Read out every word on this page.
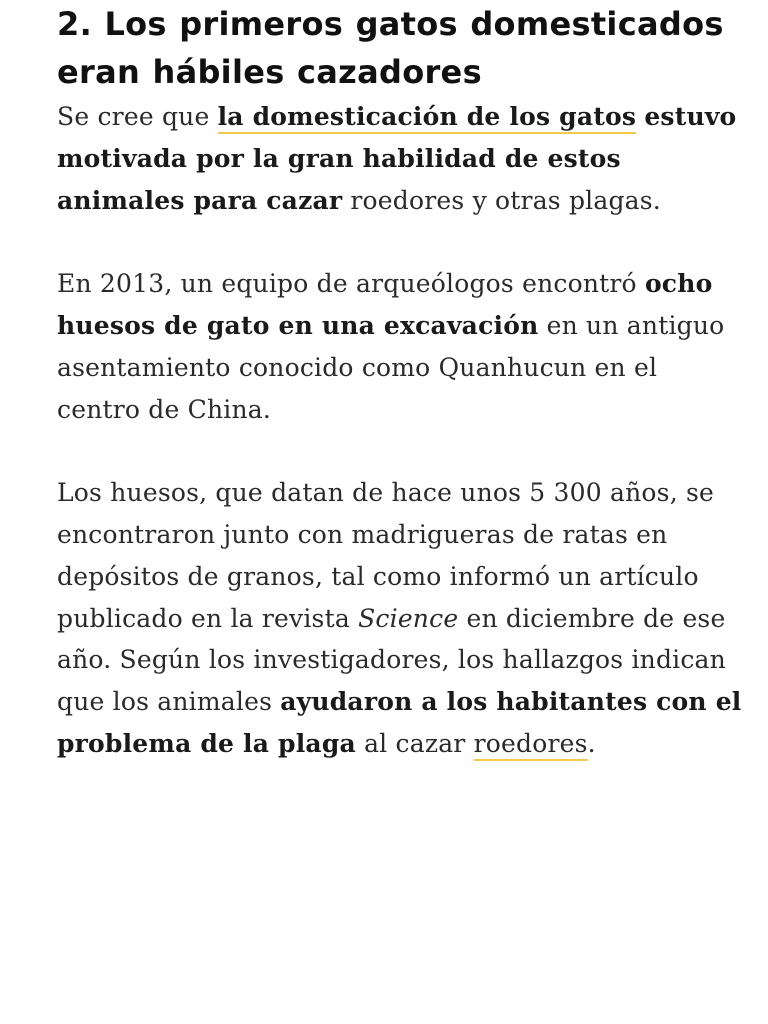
2. Los primeros gatos domesticados eran hábiles cazadores

Se cree que la domesticación de los gatos estuvo motivada por la gran habilidad de estos animales para cazar roedores y otras plagas.

En 2013, un equipo de arqueólogos encontró ocho huesos de gato en una excavación en un antiguo asentamiento conocido como Quanhucun en el centro de China.

Los huesos, que datan de hace unos 5 300 años, se encontraron junto con madrigueras de ratas en depósitos de granos, tal como informó un artículo publicado en la revista Science en diciembre de ese año. Según los investigadores, los hallazgos indican que los animales ayudaron a los habitantes con el problema de la plaga al cazar roedores.
